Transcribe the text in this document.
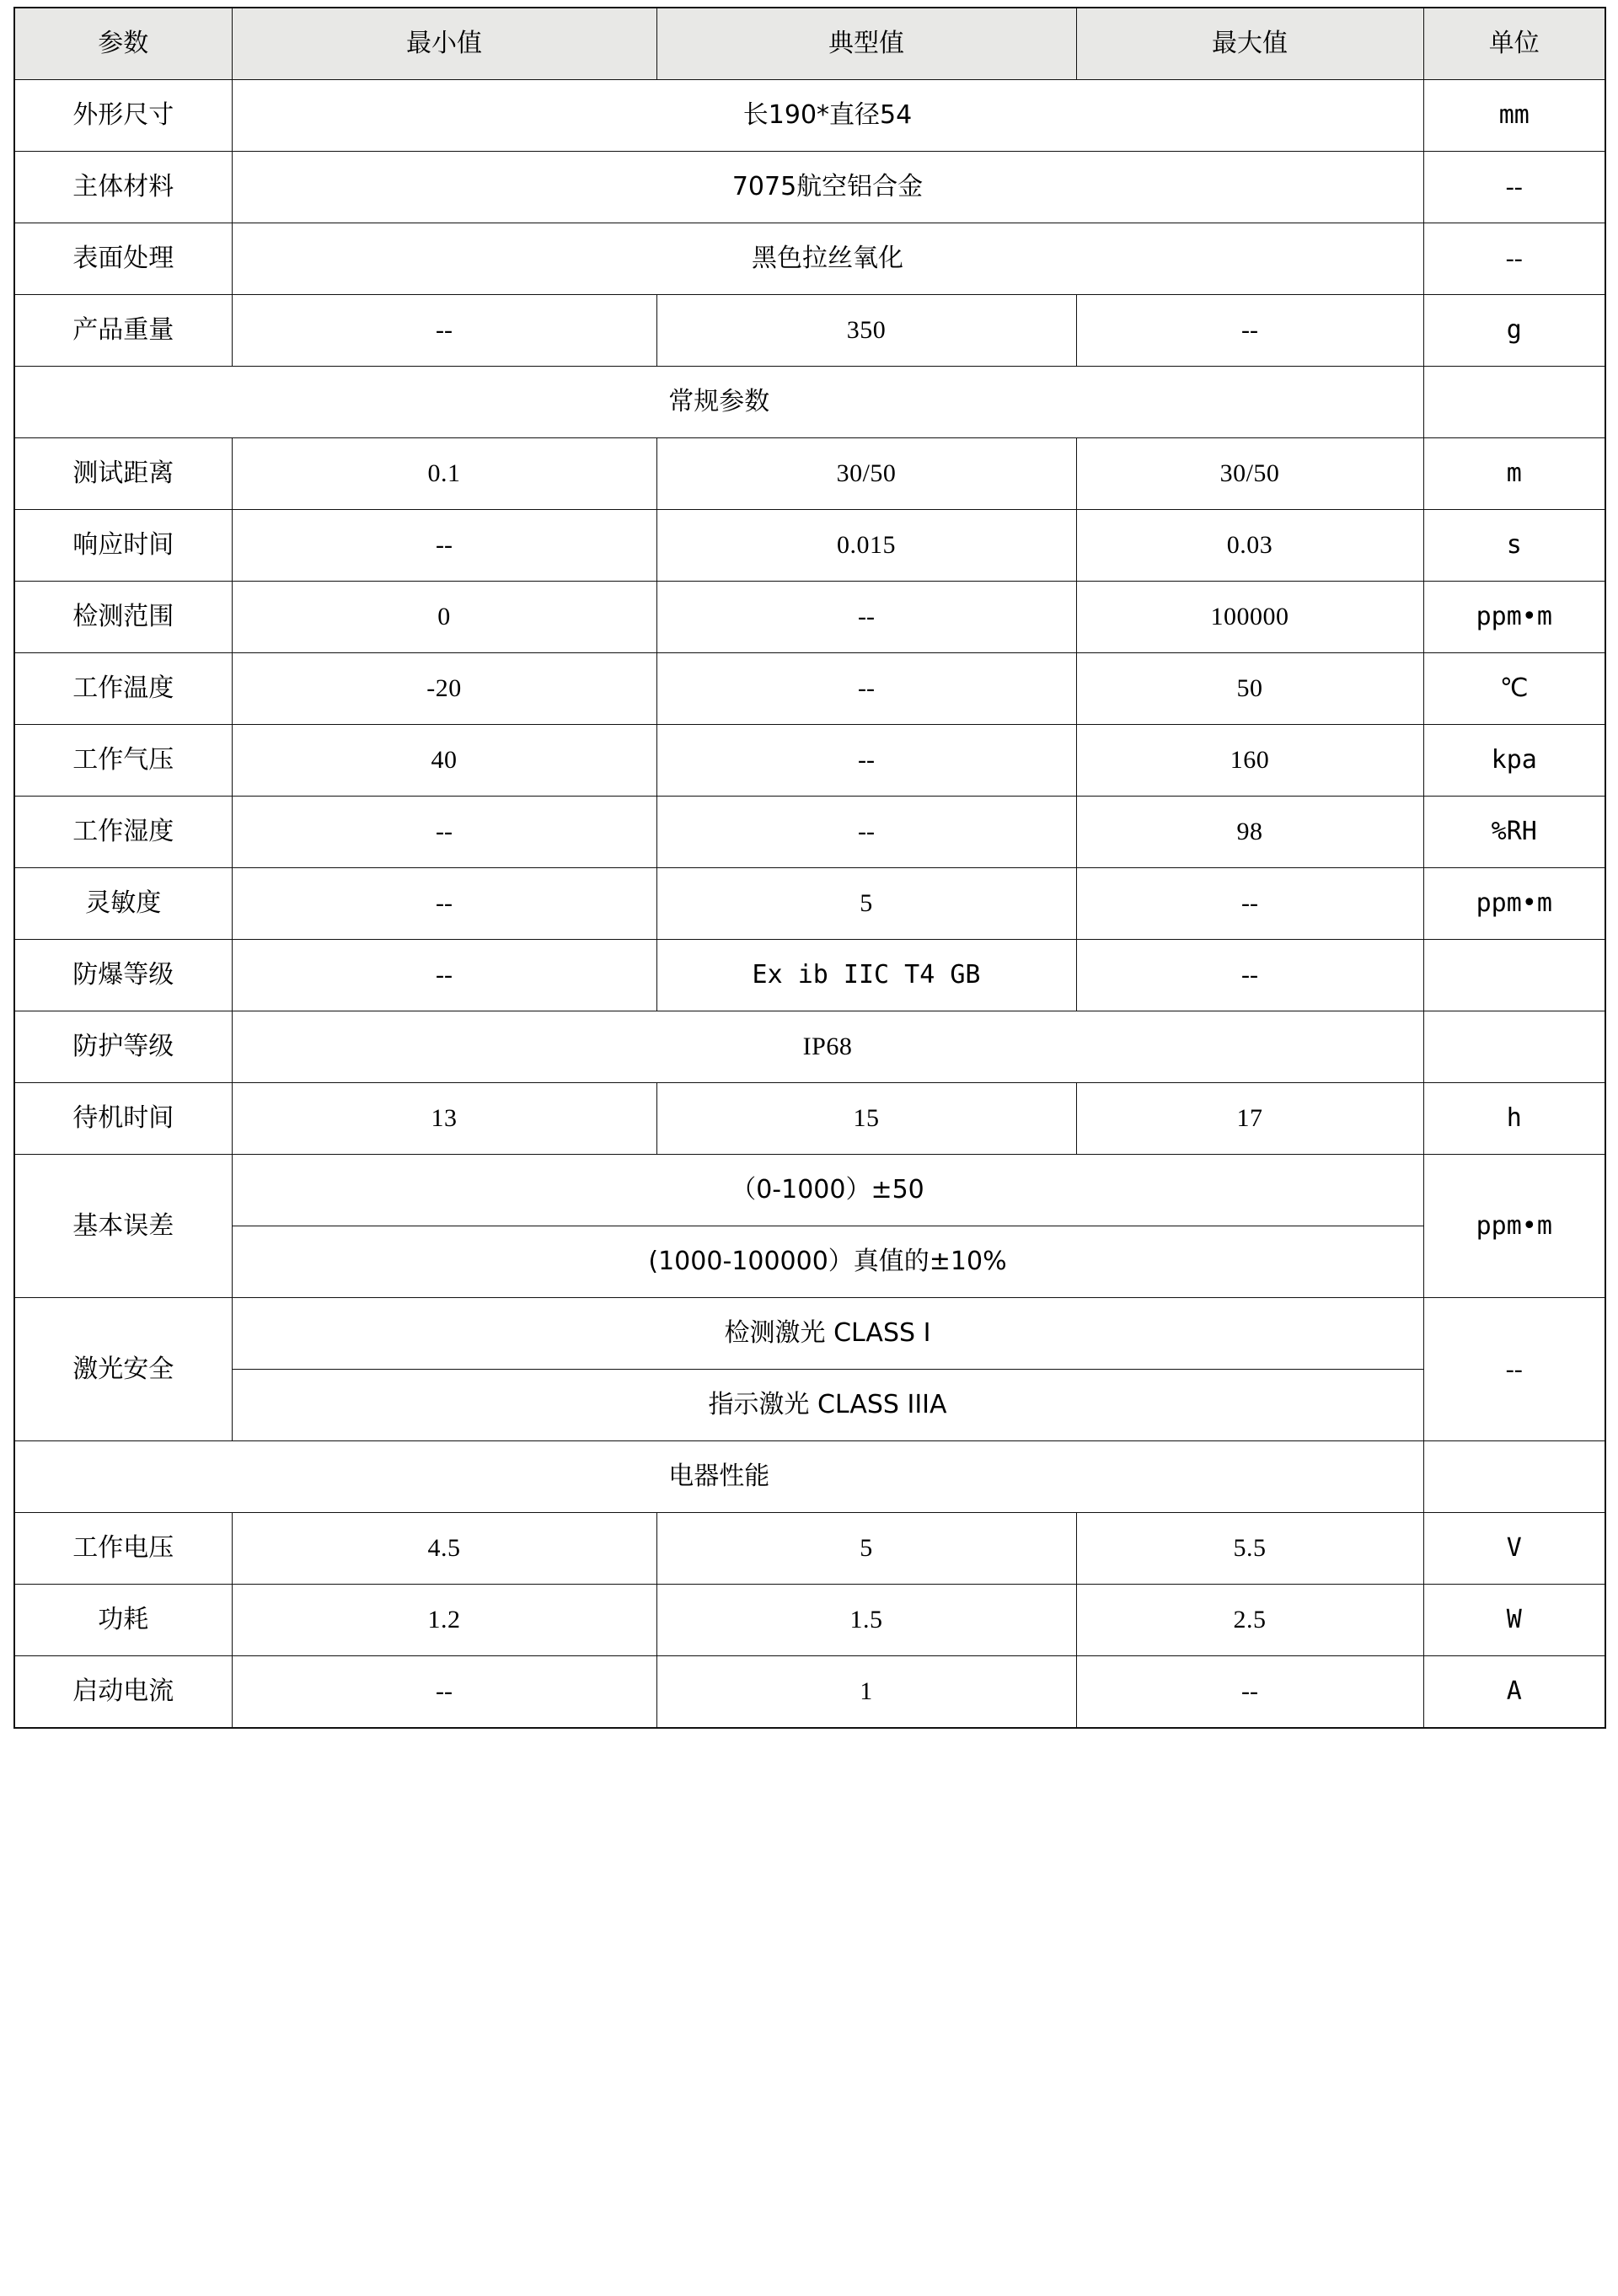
参数	最小值	典型值	最大值	单位
外形尺寸	长190*直径54			mm
主体材料	7075航空铝合金			--
表面处理	黑色拉丝氧化			--
产品重量	--	350	--	g
常规参数				
测试距离	0.1	30/50	30/50	m
响应时间	--	0.015	0.03	s
检测范围	0	--	100000	ppm•m
工作温度	-20	--	50	℃
工作气压	40	--	160	kpa
工作湿度	--	--	98	%RH
灵敏度	--	5	--	ppm•m
防爆等级	--	Ex ib IIC T4 GB	--	
防护等级	IP68			
待机时间	13	15	17	h
基本误差	（0-1000）±50			ppm•m
	(1000-100000）真值的±10%			
激光安全	检测激光 CLASS I			--
	指示激光 CLASS IIIA			
电器性能				
工作电压	4.5	5	5.5	V
功耗	1.2	1.5	2.5	W
启动电流	--	1	--	A
